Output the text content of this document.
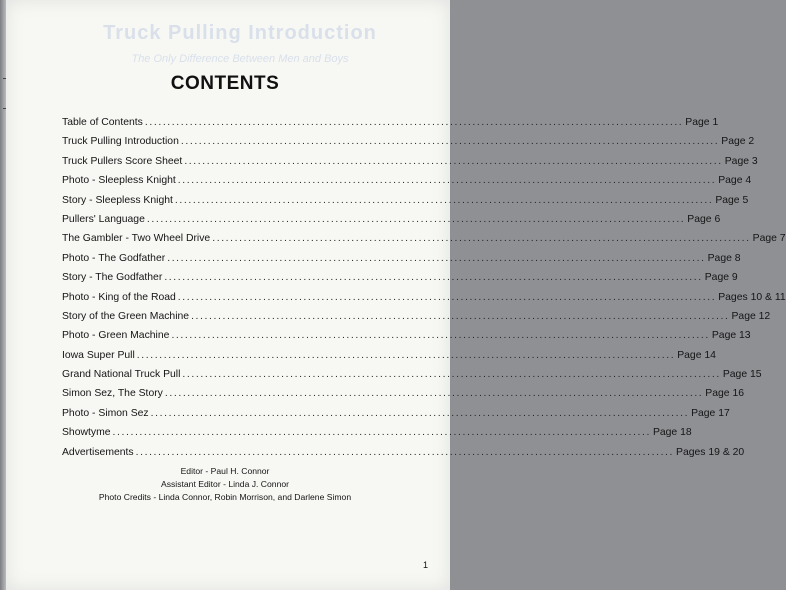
Truck Pulling Introduction
The Only Difference Between Men and Boys
CONTENTS
Table of Contents ........................................................................................................................ Page 1
Truck Pulling Introduction ........................................................................................................................ Page 2
Truck Pullers Score Sheet ........................................................................................................................ Page 3
Photo - Sleepless Knight ........................................................................................................................ Page 4
Story - Sleepless Knight ........................................................................................................................ Page 5
Pullers' Language ........................................................................................................................ Page 6
The Gambler - Two Wheel Drive ........................................................................................................................ Page 7
Photo - The Godfather ........................................................................................................................ Page 8
Story - The Godfather ........................................................................................................................ Page 9
Photo - King of the Road ........................................................................................................................ Pages 10 & 11
Story of the Green Machine ........................................................................................................................ Page 12
Photo - Green Machine ........................................................................................................................ Page 13
Iowa Super Pull ........................................................................................................................ Page 14
Grand National Truck Pull ........................................................................................................................ Page 15
Simon Sez, The Story ........................................................................................................................ Page 16
Photo - Simon Sez ........................................................................................................................ Page 17
Showtyme ........................................................................................................................ Page 18
Advertisements ........................................................................................................................ Pages 19 & 20
Editor - Paul H. Connor
Assistant Editor - Linda J. Connor
Photo Credits - Linda Connor, Robin Morrison, and Darlene Simon
1
